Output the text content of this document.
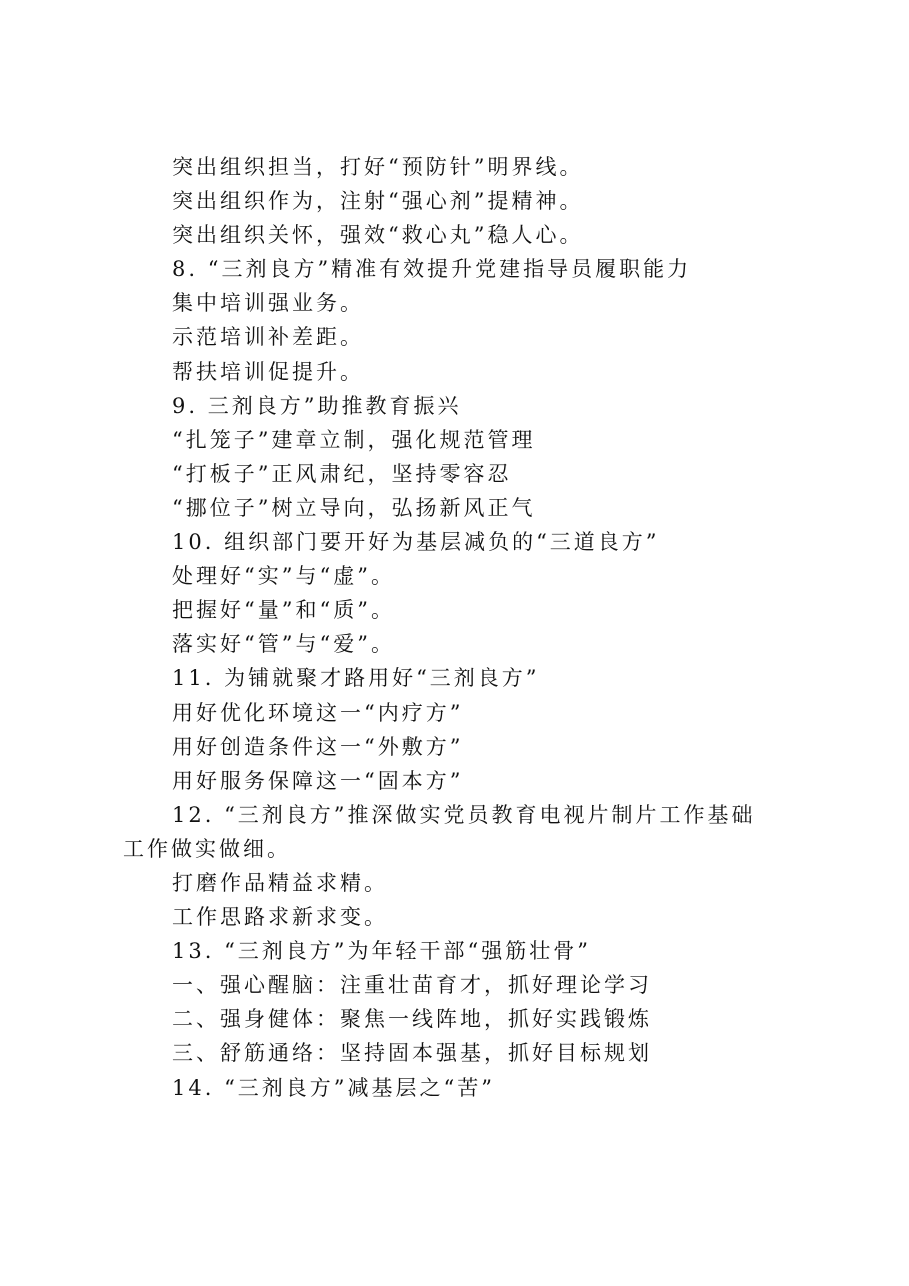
突出组织担当，打好“预防针”明界线。

突出组织作为，注射“强心剂”提精神。

突出组织关怀，强效“救心丸”稳人心。

8. “三剂良方”精准有效提升党建指导员履职能力

集中培训强业务。

示范培训补差距。

帮扶培训促提升。

9. 三剂良方”助推教育振兴

“扎笼子”建章立制，强化规范管理

“打板子”正风肃纪，坚持零容忍

“挪位子”树立导向，弘扬新风正气

10. 组织部门要开好为基层减负的“三道良方”

处理好“实”与“虚”。

把握好“量”和“质”。

落实好“管”与“爱”。

11. 为铺就聚才路用好“三剂良方”

用好优化环境这一“内疗方”

用好创造条件这一“外敷方”

用好服务保障这一“固本方”

12. “三剂良方”推深做实党员教育电视片制片工作基础

工作做实做细。

打磨作品精益求精。

工作思路求新求变。

13. “三剂良方”为年轻干部“强筋壮骨”

一、强心醒脑：注重壮苗育才，抓好理论学习

二、强身健体：聚焦一线阵地，抓好实践锻炼

三、舒筋通络：坚持固本强基，抓好目标规划

14. “三剂良方”减基层之“苦”
